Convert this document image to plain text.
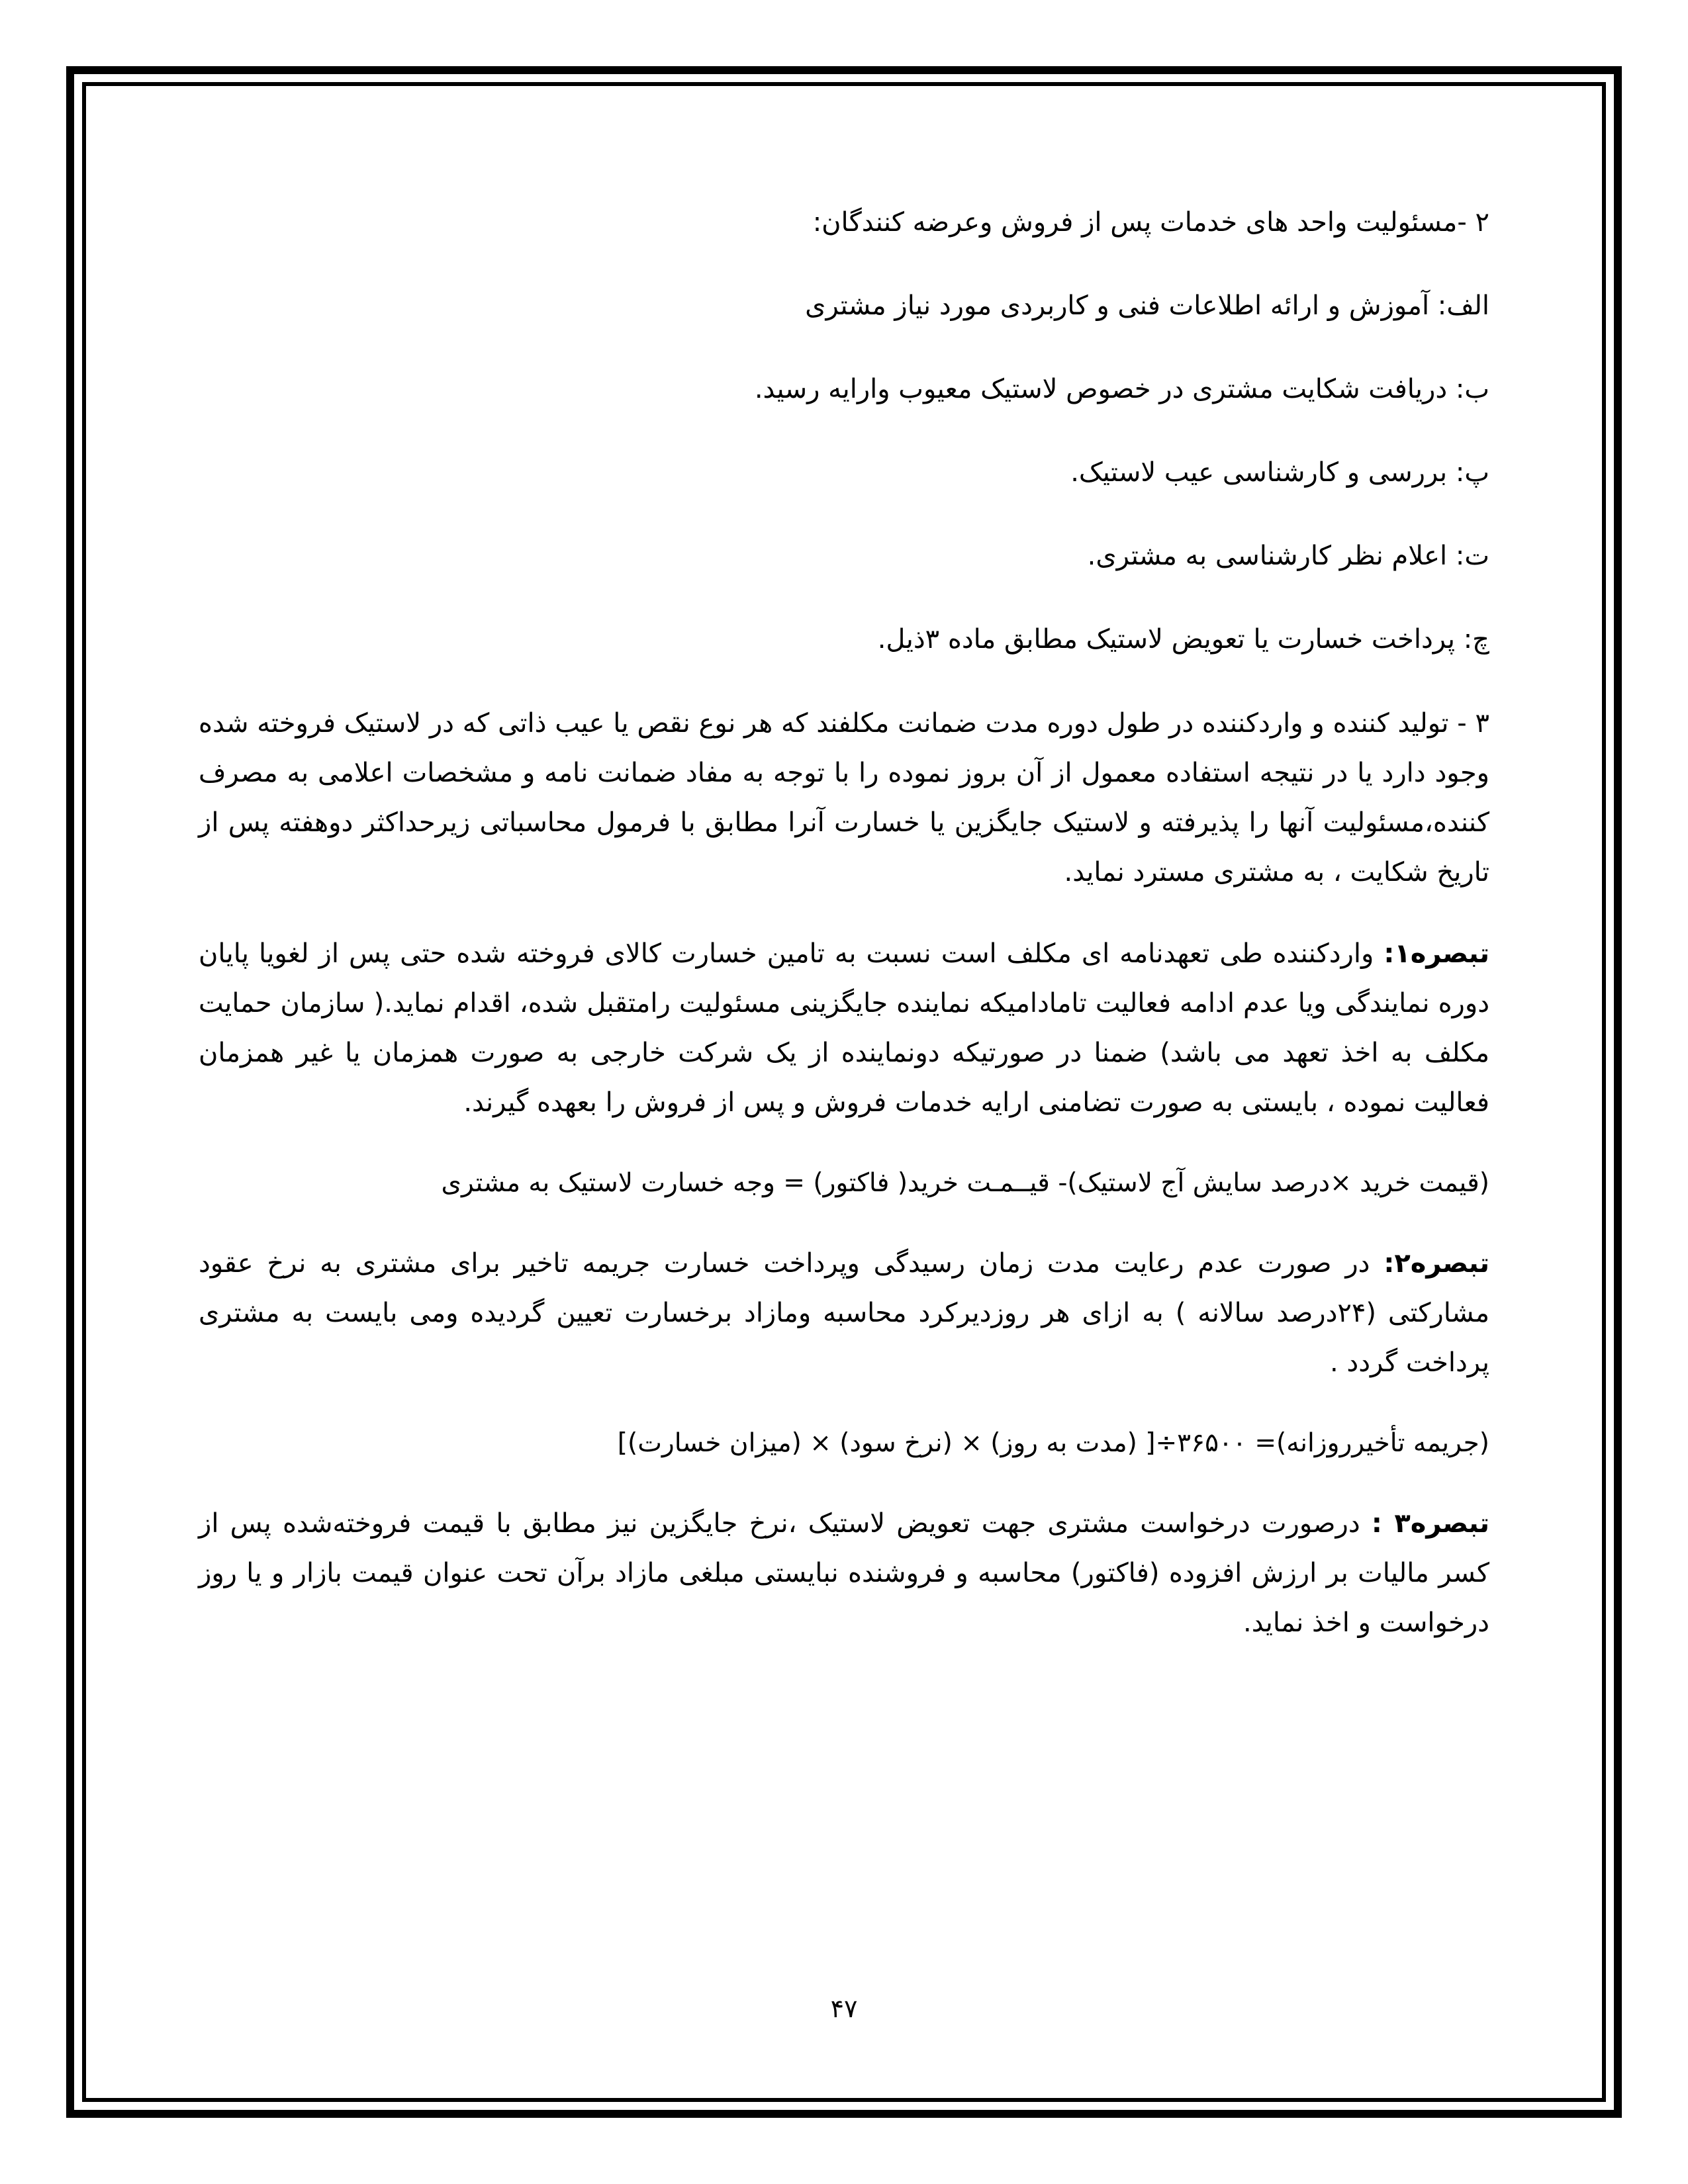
۲ -مسئولیت واحد های خدمات پس از فروش وعرضه کنندگان:
الف: آموزش و ارائه اطلاعات فنی و کاربردی مورد نیاز مشتری
ب: دریافت شکایت مشتری در خصوص لاستیک معیوب وارایه رسید.
پ: بررسی و کارشناسی عیب لاستیک.
ت: اعلام نظر کارشناسی به مشتری.
چ: پرداخت خسارت یا تعویض لاستیک مطابق ماده ۳ذیل.

۳ - تولید کننده و واردکننده در طول دوره مدت ضمانت مکلفند که هر نوع نقص یا عیب ذاتی که در لاستیک فروخته شده وجود دارد یا در نتیجه استفاده معمول از آن بروز نموده را با توجه به مفاد ضمانت نامه و مشخصات اعلامی به مصرف کننده،مسئولیت آنها را پذیرفته و لاستیک جایگزین یا خسارت آنرا مطابق با فرمول محاسباتی زیرحداکثر دوهفته پس از تاریخ شکایت ، به مشتری مسترد نماید.

تبصره۱: واردکننده طی تعهدنامه ای مکلف است نسبت به تامین خسارت کالای فروخته شده حتی پس از لغویا پایان دوره نمایندگی ویا عدم ادامه فعالیت تامادامیکه نماینده جایگزینی مسئولیت رامتقبل شده، اقدام نماید.( سازمان حمایت مکلف به اخذ تعهد می باشد) ضمنا در صورتیکه دونماینده از یک شرکت خارجی به صورت همزمان یا غیر همزمان فعالیت نموده ، بایستی به صورت تضامنی ارایه خدمات فروش و پس از فروش را بعهده گیرند.

(قیمت خرید ×درصد سایش آج لاستیک)- قیــمـت خرید( فاکتور) = وجه خسارت لاستیک به مشتری

تبصره۲: در صورت عدم رعایت مدت زمان رسیدگی وپرداخت خسارت جریمه تاخیر برای مشتری به نرخ عقود مشارکتی (۲۴درصد سالانه ) به ازای هر روزدیرکرد محاسبه ومازاد برخسارت تعیین گردیده ومی بایست به مشتری پرداخت گردد .

(جریمه تأخیرروزانه)= ۳۶۵۰۰÷[ (مدت به روز) × (نرخ سود) × (میزان خسارت)]

تبصره۳ : درصورت درخواست مشتری جهت تعویض لاستیک ،نرخ جایگزین نیز مطابق با قیمت فروخته‌شده پس از کسر مالیات بر ارزش افزوده (فاکتور) محاسبه و فروشنده نبایستی مبلغی مازاد برآن تحت عنوان قیمت بازار و یا روز درخواست و اخذ نماید.

۴۷
